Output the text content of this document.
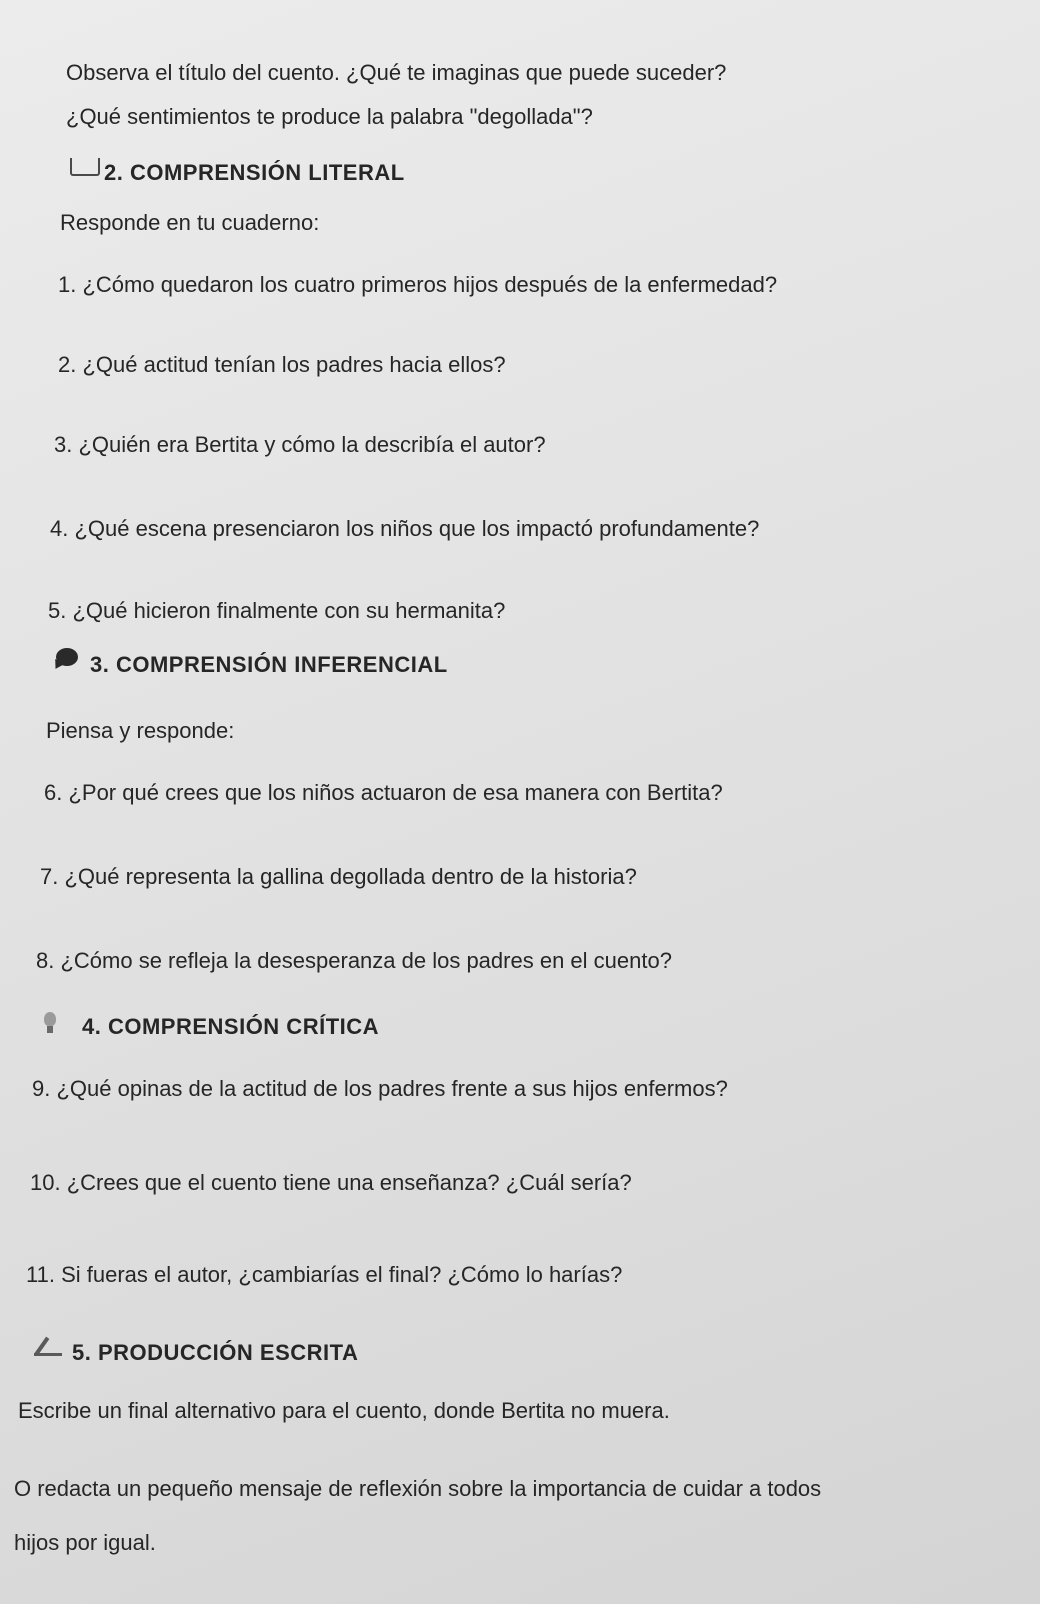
Observa el título del cuento. ¿Qué te imaginas que puede suceder?

¿Qué sentimientos te produce la palabra "degollada"?

2. COMPRENSIÓN LITERAL

Responde en tu cuaderno:

1. ¿Cómo quedaron los cuatro primeros hijos después de la enfermedad?

2. ¿Qué actitud tenían los padres hacia ellos?

3. ¿Quién era Bertita y cómo la describía el autor?

4. ¿Qué escena presenciaron los niños que los impactó profundamente?

5. ¿Qué hicieron finalmente con su hermanita?

3. COMPRENSIÓN INFERENCIAL

Piensa y responde:

6. ¿Por qué crees que los niños actuaron de esa manera con Bertita?

7. ¿Qué representa la gallina degollada dentro de la historia?

8. ¿Cómo se refleja la desesperanza de los padres en el cuento?

4. COMPRENSIÓN CRÍTICA

9. ¿Qué opinas de la actitud de los padres frente a sus hijos enfermos?

10. ¿Crees que el cuento tiene una enseñanza? ¿Cuál sería?

11. Si fueras el autor, ¿cambiarías el final? ¿Cómo lo harías?

5. PRODUCCIÓN ESCRITA

Escribe un final alternativo para el cuento, donde Bertita no muera.

O redacta un pequeño mensaje de reflexión sobre la importancia de cuidar a todos

hijos por igual.
